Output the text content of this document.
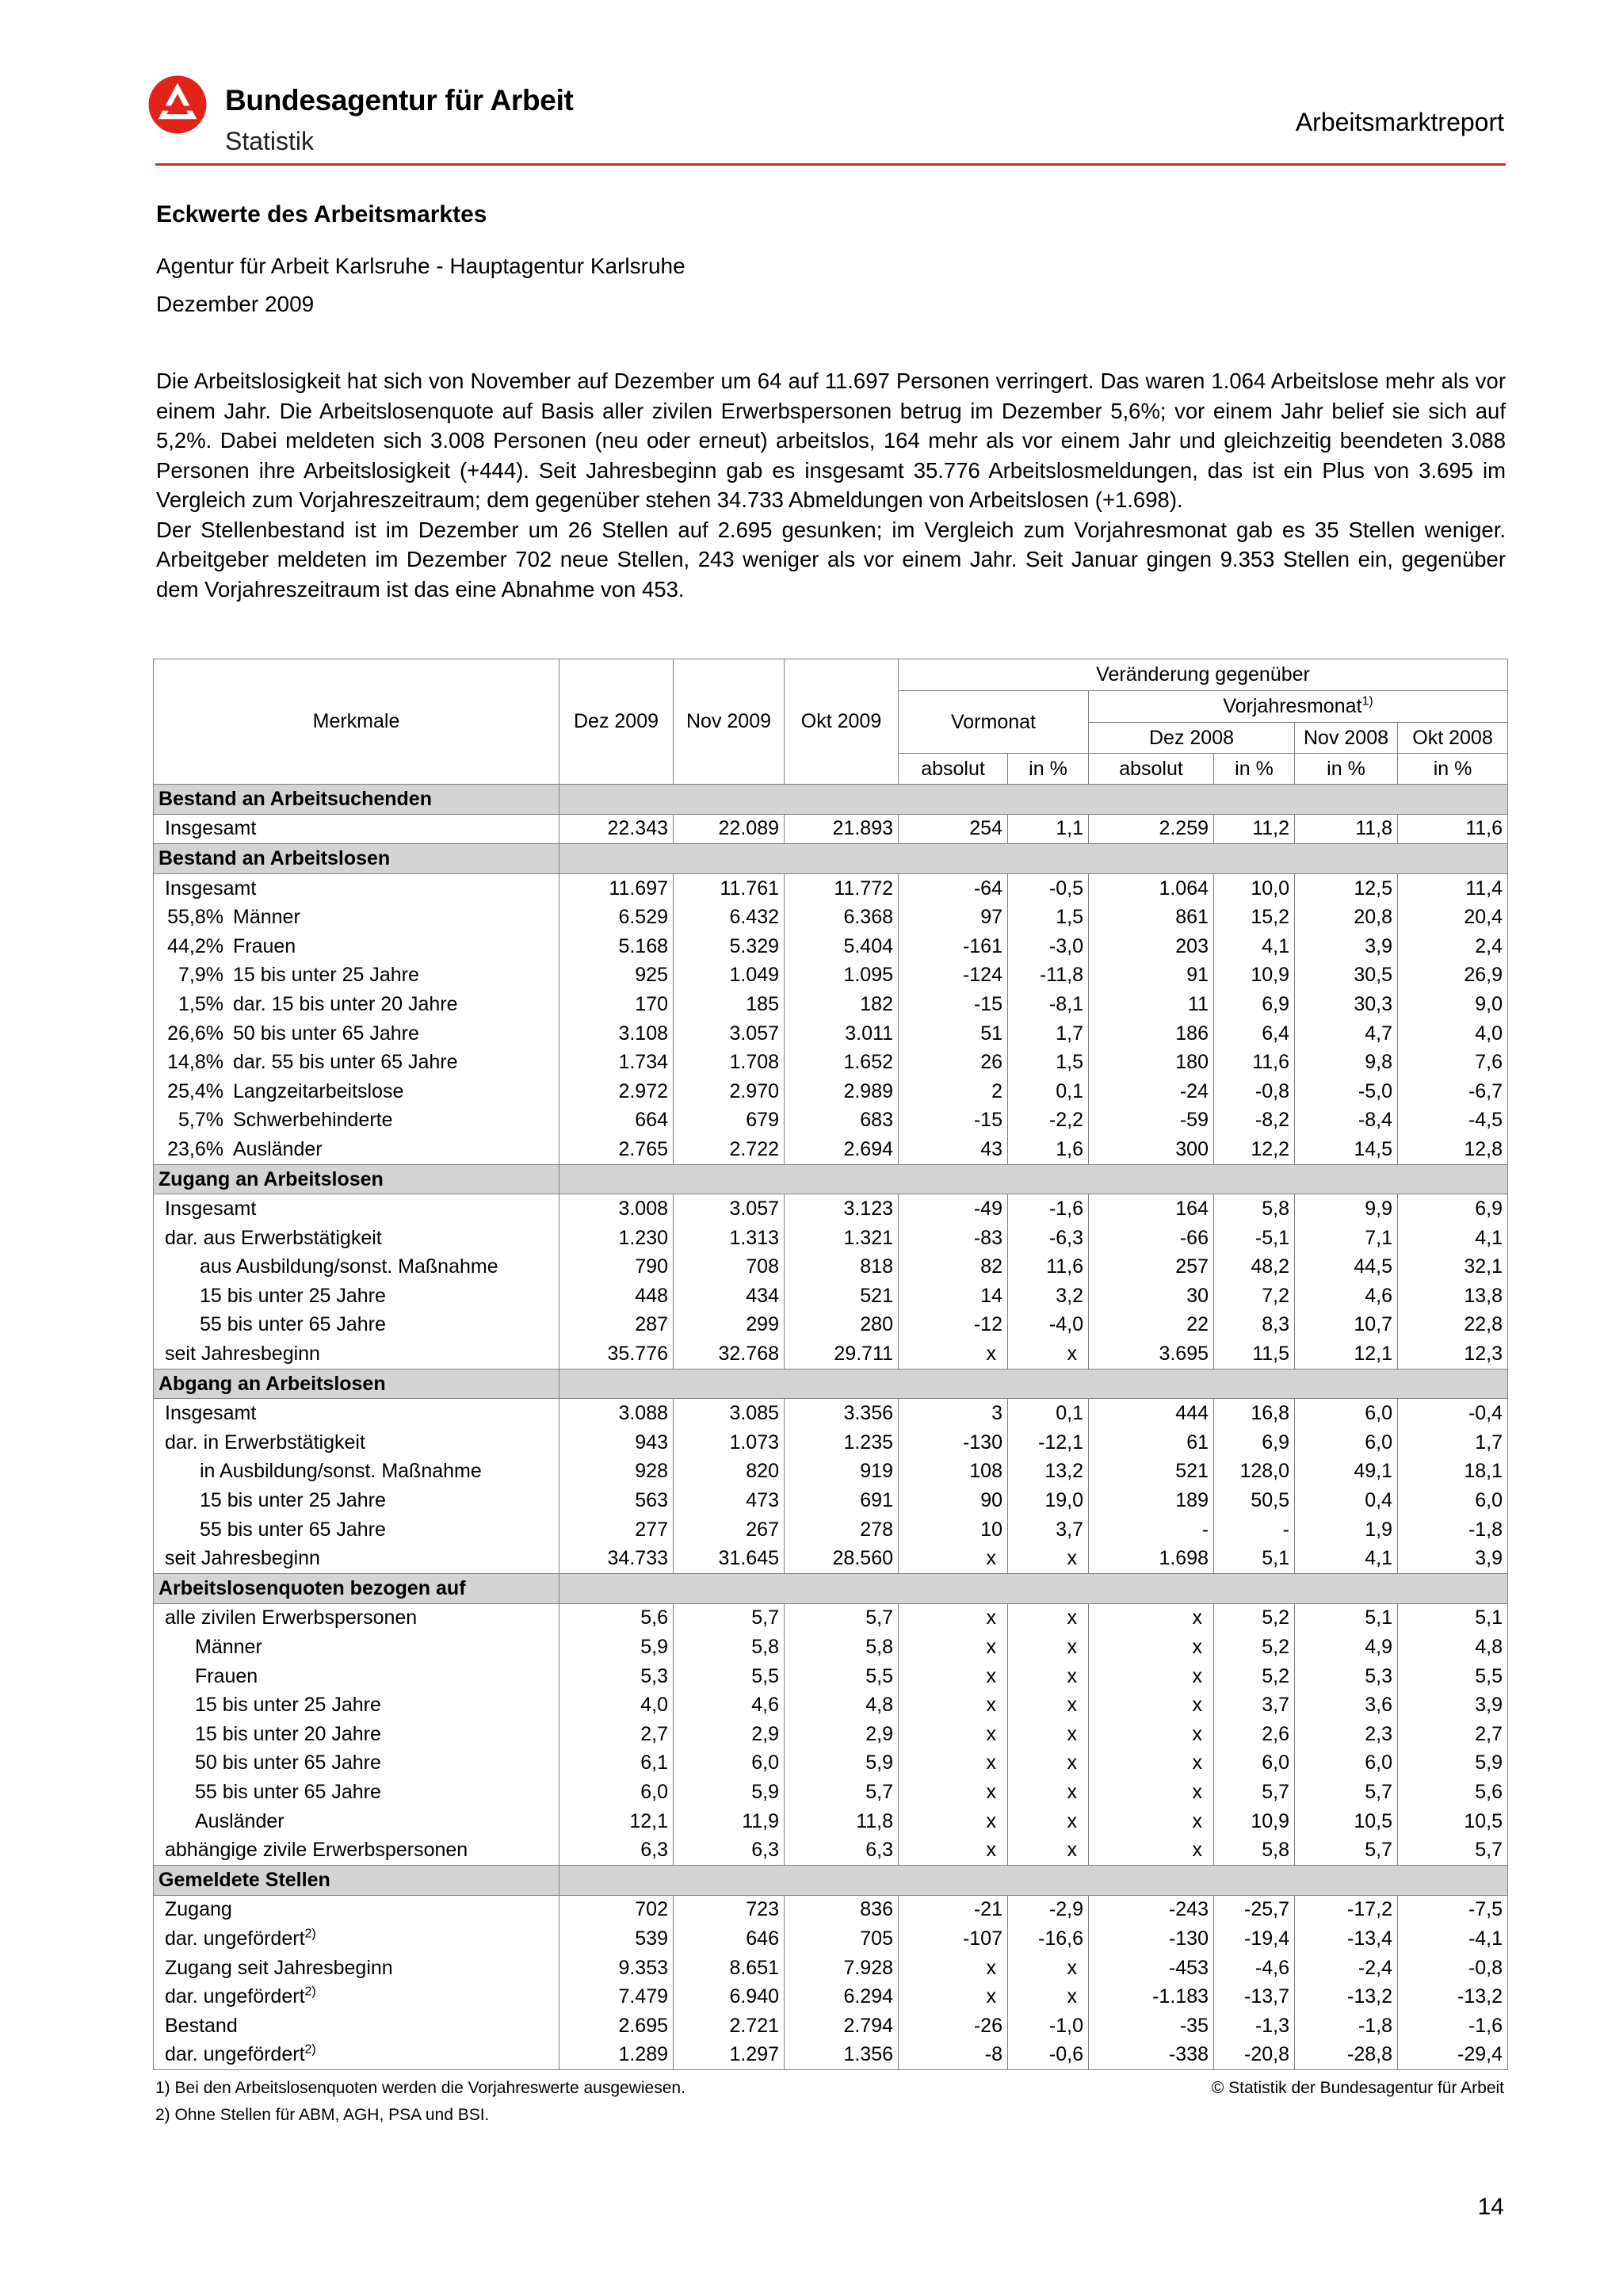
Bundesagentur für Arbeit
Statistik
Arbeitsmarktreport
Eckwerte des Arbeitsmarktes
Agentur für Arbeit Karlsruhe - Hauptagentur Karlsruhe
Dezember 2009

Die Arbeitslosigkeit hat sich von November auf Dezember um 64 auf 11.697 Personen verringert. Das waren 1.064 Arbeitslose mehr als vor einem Jahr. Die Arbeitslosenquote auf Basis aller zivilen Erwerbspersonen betrug im Dezember 5,6%; vor einem Jahr belief sie sich auf 5,2%. Dabei meldeten sich 3.008 Personen (neu oder erneut) arbeitslos, 164 mehr als vor einem Jahr und gleichzeitig beendeten 3.088 Personen ihre Arbeitslosigkeit (+444). Seit Jahresbeginn gab es insgesamt 35.776 Arbeitslosmeldungen, das ist ein Plus von 3.695 im Vergleich zum Vorjahreszeitraum; dem gegenüber stehen 34.733 Abmeldungen von Arbeitslosen (+1.698).

Der Stellenbestand ist im Dezember um 26 Stellen auf 2.695 gesunken; im Vergleich zum Vorjahresmonat gab es 35 Stellen weniger. Arbeitgeber meldeten im Dezember 702 neue Stellen, 243 weniger als vor einem Jahr. Seit Januar gingen 9.353 Stellen ein, gegenüber dem Vorjahreszeitraum ist das eine Abnahme von 453.

Merkmale	Dez 2009	Nov 2009	Okt 2009	Veränderung gegenüber					
				Vormonat		Vorjahresmonat$^{1)}$
						Dez 2008		Nov 2008	Okt 2008
				absolut	in %	absolut	in %	in %	in %
Bestand an Arbeitsuchenden									
Insgesamt	22.343	22.089	21.893	254	1,1	2.259	11,2	11,8	11,6
Bestand an Arbeitslosen									
Insgesamt	11.697	11.761	11.772	-64	-0,5	1.064	10,0	12,5	11,4
55,8% Männer	6.529	6.432	6.368	97	1,5	861	15,2	20,8	20,4
44,2% Frauen	5.168	5.329	5.404	-161	-3,0	203	4,1	3,9	2,4
7,9% 15 bis unter 25 Jahre	925	1.049	1.095	-124	-11,8	91	10,9	30,5	26,9
1,5% dar. 15 bis unter 20 Jahre	170	185	182	-15	-8,1	11	6,9	30,3	9,0
26,6% 50 bis unter 65 Jahre	3.108	3.057	3.011	51	1,7	186	6,4	4,7	4,0
14,8% dar. 55 bis unter 65 Jahre	1.734	1.708	1.652	26	1,5	180	11,6	9,8	7,6
25,4% Langzeitarbeitslose	2.972	2.970	2.989	2	0,1	-24	-0,8	-5,0	-6,7
5,7% Schwerbehinderte	664	679	683	-15	-2,2	-59	-8,2	-8,4	-4,5
23,6% Ausländer	2.765	2.722	2.694	43	1,6	300	12,2	14,5	12,8
Zugang an Arbeitslosen									
Insgesamt	3.008	3.057	3.123	-49	-1,6	164	5,8	9,9	6,9
dar. aus Erwerbstätigkeit	1.230	1.313	1.321	-83	-6,3	-66	-5,1	7,1	4,1
aus Ausbildung/sonst. Maßnahme	790	708	818	82	11,6	257	48,2	44,5	32,1
15 bis unter 25 Jahre	448	434	521	14	3,2	30	7,2	4,6	13,8
55 bis unter 65 Jahre	287	299	280	-12	-4,0	22	8,3	10,7	22,8
seit Jahresbeginn	35.776	32.768	29.711	x	x	3.695	11,5	12,1	12,3
Abgang an Arbeitslosen									
Insgesamt	3.088	3.085	3.356	3	0,1	444	16,8	6,0	-0,4
dar. in Erwerbstätigkeit	943	1.073	1.235	-130	-12,1	61	6,9	6,0	1,7
in Ausbildung/sonst. Maßnahme	928	820	919	108	13,2	521	128,0	49,1	18,1
15 bis unter 25 Jahre	563	473	691	90	19,0	189	50,5	0,4	6,0
55 bis unter 65 Jahre	277	267	278	10	3,7	-	-	1,9	-1,8
seit Jahresbeginn	34.733	31.645	28.560	x	x	1.698	5,1	4,1	3,9
Arbeitslosenquoten bezogen auf									
alle zivilen Erwerbspersonen	5,6	5,7	5,7	x	x	x	5,2	5,1	5,1
Männer	5,9	5,8	5,8	x	x	x	5,2	4,9	4,8
Frauen	5,3	5,5	5,5	x	x	x	5,2	5,3	5,5
15 bis unter 25 Jahre	4,0	4,6	4,8	x	x	x	3,7	3,6	3,9
15 bis unter 20 Jahre	2,7	2,9	2,9	x	x	x	2,6	2,3	2,7
50 bis unter 65 Jahre	6,1	6,0	5,9	x	x	x	6,0	6,0	5,9
55 bis unter 65 Jahre	6,0	5,9	5,7	x	x	x	5,7	5,7	5,6
Ausländer	12,1	11,9	11,8	x	x	x	10,9	10,5	10,5
abhängige zivile Erwerbspersonen	6,3	6,3	6,3	x	x	x	5,8	5,7	5,7
Gemeldete Stellen									
Zugang	702	723	836	-21	-2,9	-243	-25,7	-17,2	-7,5
dar. ungefördert$^{2)}$	539	646	705	-107	-16,6	-130	-19,4	-13,4	-4,1
Zugang seit Jahresbeginn	9.353	8.651	7.928	x	x	-453	-4,6	-2,4	-0,8
dar. ungefördert$^{2)}$	7.479	6.940	6.294	x	x	-1.183	-13,7	-13,2	-13,2
Bestand	2.695	2.721	2.794	-26	-1,0	-35	-1,3	-1,8	-1,6
dar. ungefördert$^{2)}$	1.289	1.297	1.356	-8	-0,6	-338	-20,8	-28,8	-29,4
1) Bei den Arbeitslosenquoten werden die Vorjahreswerte ausgewiesen.
2) Ohne Stellen für ABM, AGH, PSA und BSI.
© Statistik der Bundesagentur für Arbeit
14
